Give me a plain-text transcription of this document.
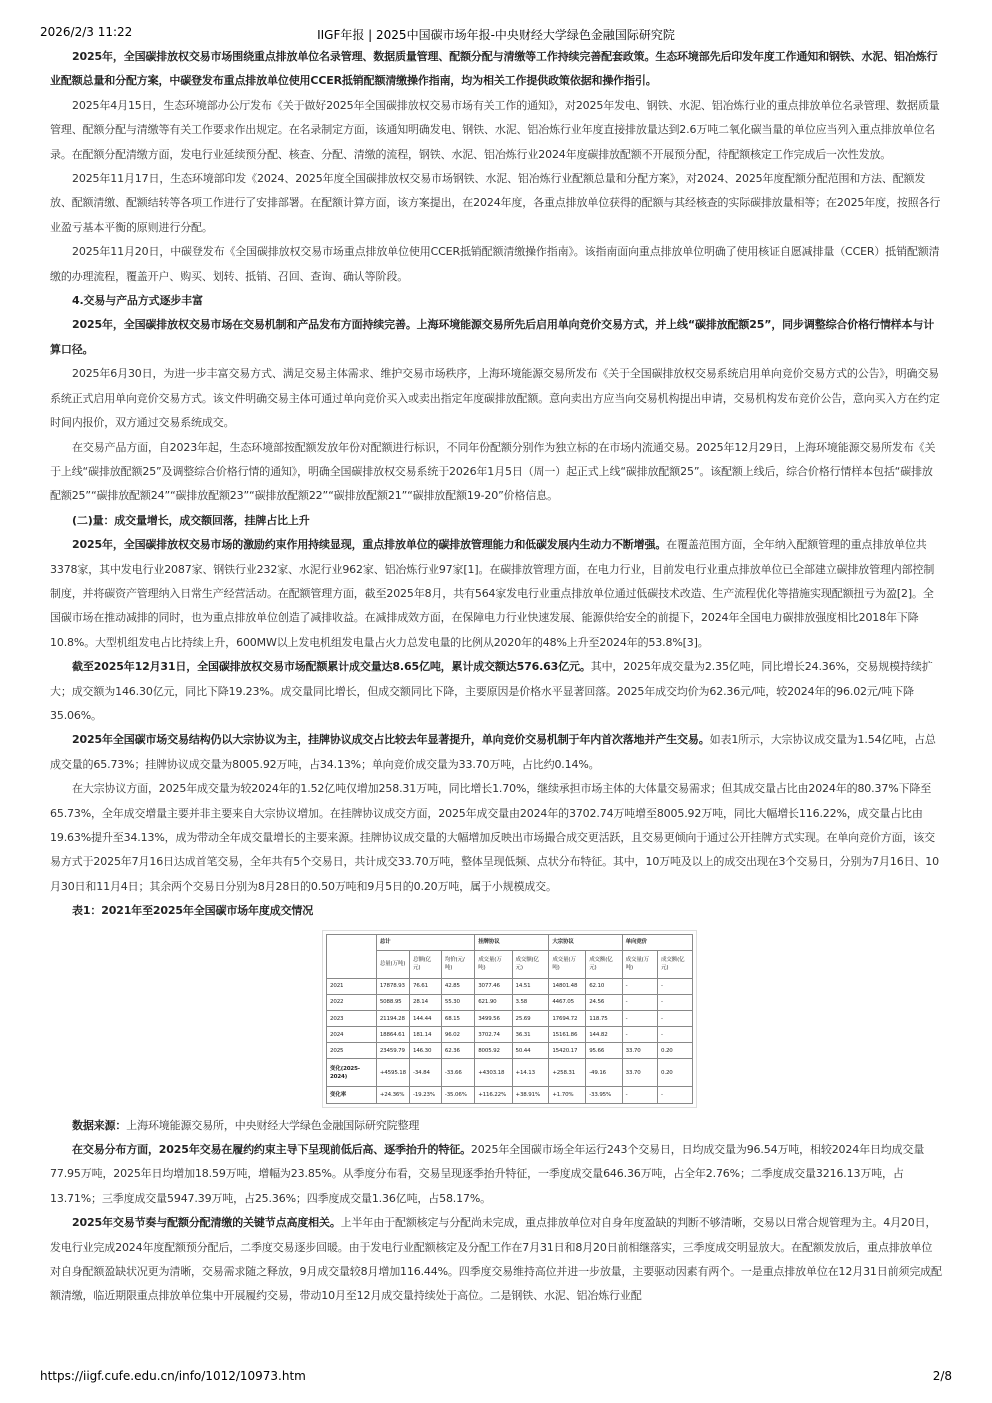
2026/2/3 11:22	IIGF年报 | 2025中国碳市场年报-中央财经大学绿色金融国际研究院

2025年，全国碳排放权交易市场围绕重点排放单位名录管理、数据质量管理、配额分配与清缴等工作持续完善配套政策。生态环境部先后印发年度工作通知和钢铁、水泥、铝冶炼行业配额总量和分配方案，中碳登发布重点排放单位使用CCER抵销配额清缴操作指南，均为相关工作提供政策依据和操作指引。

2025年4月15日，生态环境部办公厅发布《关于做好2025年全国碳排放权交易市场有关工作的通知》，对2025年发电、钢铁、水泥、铝冶炼行业的重点排放单位名录管理、数据质量管理、配额分配与清缴等有关工作要求作出规定。在名录制定方面，该通知明确发电、钢铁、水泥、铝冶炼行业年度直接排放量达到2.6万吨二氧化碳当量的单位应当列入重点排放单位名录。在配额分配清缴方面，发电行业延续预分配、核查、分配、清缴的流程，钢铁、水泥、铝冶炼行业2024年度碳排放配额不开展预分配，待配额核定工作完成后一次性发放。

2025年11月17日，生态环境部印发《2024、2025年度全国碳排放权交易市场钢铁、水泥、铝冶炼行业配额总量和分配方案》，对2024、2025年度配额分配范围和方法、配额发放、配额清缴、配额结转等各项工作进行了安排部署。在配额计算方面，该方案提出，在2024年度，各重点排放单位获得的配额与其经核查的实际碳排放量相等；在2025年度，按照各行业盈亏基本平衡的原则进行分配。

2025年11月20日，中碳登发布《全国碳排放权交易市场重点排放单位使用CCER抵销配额清缴操作指南》。该指南面向重点排放单位明确了使用核证自愿减排量（CCER）抵销配额清缴的办理流程，覆盖开户、购买、划转、抵销、召回、查询、确认等阶段。

4.交易与产品方式逐步丰富

2025年，全国碳排放权交易市场在交易机制和产品发布方面持续完善。上海环境能源交易所先后启用单向竞价交易方式，并上线“碳排放配额25”，同步调整综合价格行情样本与计算口径。

2025年6月30日，为进一步丰富交易方式、满足交易主体需求、维护交易市场秩序，上海环境能源交易所发布《关于全国碳排放权交易系统启用单向竞价交易方式的公告》，明确交易系统正式启用单向竞价交易方式。该文件明确交易主体可通过单向竞价买入或卖出指定年度碳排放配额。意向卖出方应当向交易机构提出申请，交易机构发布竞价公告，意向买入方在约定时间内报价，双方通过交易系统成交。

在交易产品方面，自2023年起，生态环境部按配额发放年份对配额进行标识，不同年份配额分别作为独立标的在市场内流通交易。2025年12月29日，上海环境能源交易所发布《关于上线“碳排放配额25”及调整综合价格行情的通知》，明确全国碳排放权交易系统于2026年1月5日（周一）起正式上线“碳排放配额25”。该配额上线后，综合价格行情样本包括“碳排放配额25”“碳排放配额24”“碳排放配额23”“碳排放配额22”“碳排放配额21”“碳排放配额19-20”价格信息。

(二)量：成交量增长，成交额回落，挂牌占比上升

2025年，全国碳排放权交易市场的激励约束作用持续显现，重点排放单位的碳排放管理能力和低碳发展内生动力不断增强。在覆盖范围方面，全年纳入配额管理的重点排放单位共3378家，其中发电行业2087家、钢铁行业232家、水泥行业962家、铝冶炼行业97家[1]。在碳排放管理方面，在电力行业，目前发电行业重点排放单位已全部建立碳排放管理内部控制制度，并将碳资产管理纳入日常生产经营活动。在配额管理方面，截至2025年8月，共有564家发电行业重点排放单位通过低碳技术改造、生产流程优化等措施实现配额扭亏为盈[2]。全国碳市场在推动减排的同时，也为重点排放单位创造了减排收益。在减排成效方面，在保障电力行业快速发展、能源供给安全的前提下，2024年全国电力碳排放强度相比2018年下降10.8%。大型机组发电占比持续上升，600MW以上发电机组发电量占火力总发电量的比例从2020年的48%上升至2024年的53.8%[3]。

截至2025年12月31日，全国碳排放权交易市场配额累计成交量达8.65亿吨，累计成交额达576.63亿元。其中，2025年成交量为2.35亿吨，同比增长24.36%，交易规模持续扩大；成交额为146.30亿元，同比下降19.23%。成交量同比增长，但成交额同比下降，主要原因是价格水平显著回落。2025年成交均价为62.36元/吨，较2024年的96.02元/吨下降35.06%。

2025年全国碳市场交易结构仍以大宗协议为主，挂牌协议成交占比较去年显著提升，单向竞价交易机制于年内首次落地并产生交易。如表1所示，大宗协议成交量为1.54亿吨，占总成交量的65.73%；挂牌协议成交量为8005.92万吨，占34.13%；单向竞价成交量为33.70万吨，占比约0.14%。

在大宗协议方面，2025年成交量为较2024年的1.52亿吨仅增加258.31万吨，同比增长1.70%，继续承担市场主体的大体量交易需求；但其成交量占比由2024年的80.37%下降至65.73%，全年成交增量主要并非主要来自大宗协议增加。在挂牌协议成交方面，2025年成交量由2024年的3702.74万吨增至8005.92万吨，同比大幅增长116.22%，成交量占比由19.63%提升至34.13%，成为带动全年成交量增长的主要来源。挂牌协议成交量的大幅增加反映出市场撮合成交更活跃，且交易更倾向于通过公开挂牌方式实现。在单向竞价方面，该交易方式于2025年7月16日达成首笔交易，全年共有5个交易日，共计成交33.70万吨，整体呈现低频、点状分布特征。其中，10万吨及以上的成交出现在3个交易日，分别为7月16日、10月30日和11月4日；其余两个交易日分别为8月28日的0.50万吨和9月5日的0.20万吨，属于小规模成交。

表1：2021年至2025年全国碳市场年度成交情况
	总计			挂牌协议		大宗协议		单向竞价	
	总量(万吨)	总额(亿元)	均价(元/吨)	成交量(万吨)	成交额(亿元)	成交量(万吨)	成交额(亿元)	成交量(万吨)	成交额(亿元)
2021	17878.93	76.61	42.85	3077.46	14.51	14801.48	62.10	-	-
2022	5088.95	28.14	55.30	621.90	3.58	4467.05	24.56	-	-
2023	21194.28	144.44	68.15	3499.56	25.69	17694.72	118.75	-	-
2024	18864.61	181.14	96.02	3702.74	36.31	15161.86	144.82	-	-
2025	23459.79	146.30	62.36	8005.92	50.44	15420.17	95.66	33.70	0.20
变化(2025-2024)	+4595.18	-34.84	-33.66	+4303.18	+14.13	+258.31	-49.16	33.70	0.20
变化率	+24.36%	-19.23%	-35.06%	+116.22%	+38.91%	+1.70%	-33.95%	-	-

数据来源：上海环境能源交易所，中央财经大学绿色金融国际研究院整理

在交易分布方面，2025年交易在履约约束主导下呈现前低后高、逐季抬升的特征。2025年全国碳市场全年运行243个交易日，日均成交量为96.54万吨，相较2024年日均成交量77.95万吨，2025年日均增加18.59万吨，增幅为23.85%。从季度分布看，交易呈现逐季抬升特征，一季度成交量646.36万吨，占全年2.76%；二季度成交量3216.13万吨，占13.71%；三季度成交量5947.39万吨，占25.36%；四季度成交量1.36亿吨，占58.17%。

2025年交易节奏与配额分配清缴的关键节点高度相关。上半年由于配额核定与分配尚未完成，重点排放单位对自身年度盈缺的判断不够清晰，交易以日常合规管理为主。4月20日，发电行业完成2024年度配额预分配后，二季度交易逐步回暖。由于发电行业配额核定及分配工作在7月31日和8月20日前相继落实，三季度成交明显放大。在配额发放后，重点排放单位对自身配额盈缺状况更为清晰，交易需求随之释放，9月成交量较8月增加116.44%。四季度交易维持高位并进一步放量，主要驱动因素有两个。一是重点排放单位在12月31日前须完成配额清缴，临近期限重点排放单位集中开展履约交易，带动10月至12月成交量持续处于高位。二是钢铁、水泥、铝冶炼行业配

https://iigf.cufe.edu.cn/info/1012/10973.htm	2/8
